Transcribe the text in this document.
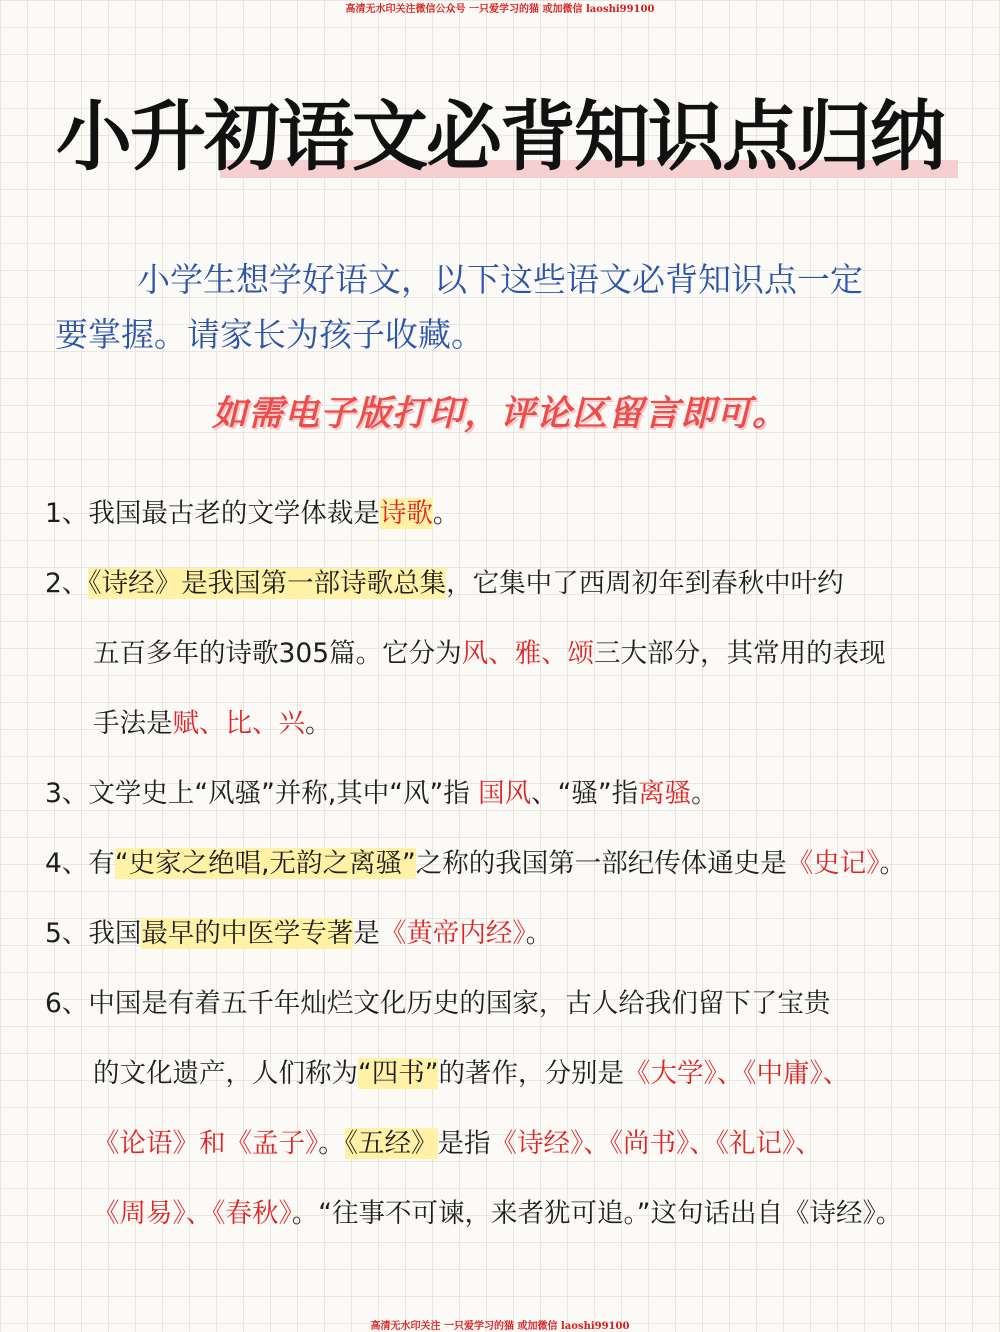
高清无水印关注微信公众号 一只爱学习的猫 或加微信 laoshi99100
小升初语文必背知识点归纳
小学生想学好语文，以下这些语文必背知识点一定
要掌握。请家长为孩子收藏。
如需电子版打印，评论区留言即可。
1、我国最古老的文学体裁是诗歌。
2、《诗经》是我国第一部诗歌总集，它集中了西周初年到春秋中叶约
五百多年的诗歌305篇。它分为风、雅、颂三大部分，其常用的表现
手法是赋、比、兴。
3、文学史上“风骚”并称,其中“风”指 国风、“骚”指离骚。
4、有“史家之绝唱,无韵之离骚”之称的我国第一部纪传体通史是《史记》。
5、我国最早的中医学专著是《黄帝内经》。
6、中国是有着五千年灿烂文化历史的国家，古人给我们留下了宝贵
的文化遗产，人们称为“四书”的著作，分别是《大学》、《中庸》、
《论语》和《孟子》。《五经》是指《诗经》、《尚书》、《礼记》、
《周易》、《春秋》。“往事不可谏，来者犹可追。”这句话出自《诗经》。
高清无水印关注 一只爱学习的猫 或加微信 laoshi99100
